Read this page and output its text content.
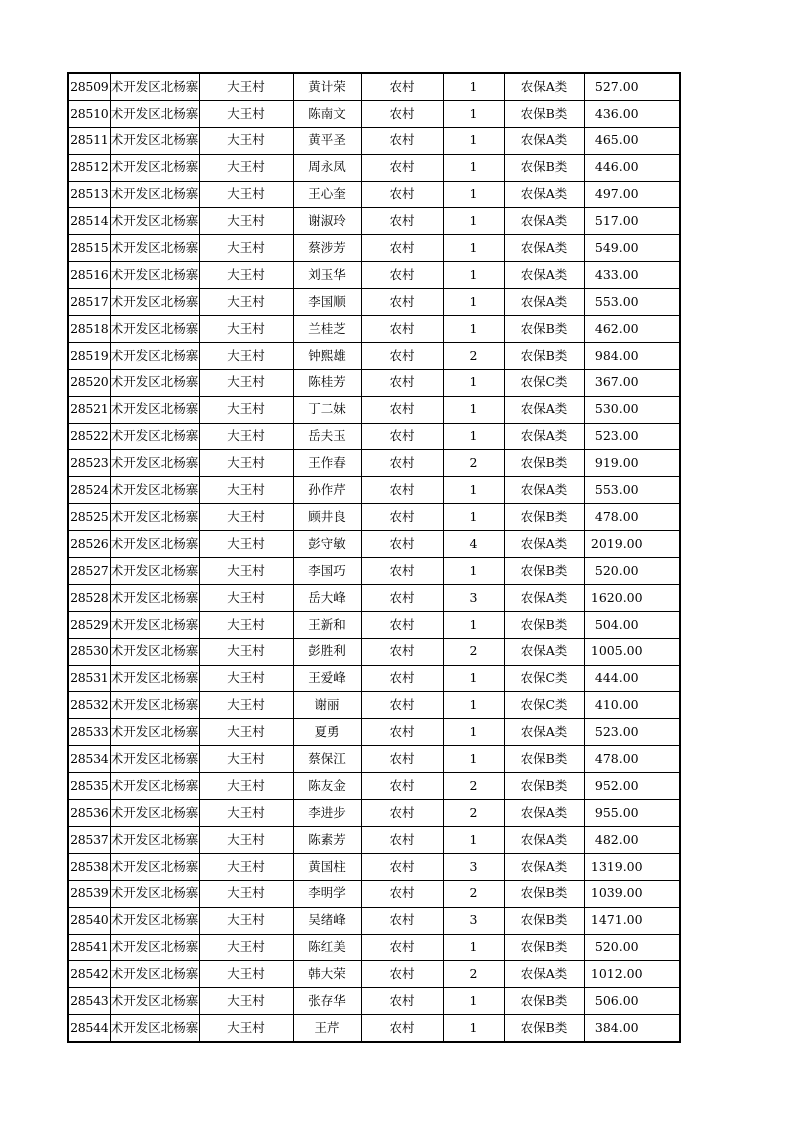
28509	术开发区北杨寨	大王村	黄计荣	农村	1	农保A类	527.00
28510	术开发区北杨寨	大王村	陈南文	农村	1	农保B类	436.00
28511	术开发区北杨寨	大王村	黄平圣	农村	1	农保A类	465.00
28512	术开发区北杨寨	大王村	周永凤	农村	1	农保B类	446.00
28513	术开发区北杨寨	大王村	王心奎	农村	1	农保A类	497.00
28514	术开发区北杨寨	大王村	谢淑玲	农村	1	农保A类	517.00
28515	术开发区北杨寨	大王村	蔡涉芳	农村	1	农保A类	549.00
28516	术开发区北杨寨	大王村	刘玉华	农村	1	农保A类	433.00
28517	术开发区北杨寨	大王村	李国顺	农村	1	农保A类	553.00
28518	术开发区北杨寨	大王村	兰桂芝	农村	1	农保B类	462.00
28519	术开发区北杨寨	大王村	钟熙雄	农村	2	农保B类	984.00
28520	术开发区北杨寨	大王村	陈桂芳	农村	1	农保C类	367.00
28521	术开发区北杨寨	大王村	丁二妹	农村	1	农保A类	530.00
28522	术开发区北杨寨	大王村	岳夫玉	农村	1	农保A类	523.00
28523	术开发区北杨寨	大王村	王作春	农村	2	农保B类	919.00
28524	术开发区北杨寨	大王村	孙作芹	农村	1	农保A类	553.00
28525	术开发区北杨寨	大王村	顾井良	农村	1	农保B类	478.00
28526	术开发区北杨寨	大王村	彭守敏	农村	4	农保A类	2019.00
28527	术开发区北杨寨	大王村	李国巧	农村	1	农保B类	520.00
28528	术开发区北杨寨	大王村	岳大峰	农村	3	农保A类	1620.00
28529	术开发区北杨寨	大王村	王新和	农村	1	农保B类	504.00
28530	术开发区北杨寨	大王村	彭胜利	农村	2	农保A类	1005.00
28531	术开发区北杨寨	大王村	王爱峰	农村	1	农保C类	444.00
28532	术开发区北杨寨	大王村	谢丽	农村	1	农保C类	410.00
28533	术开发区北杨寨	大王村	夏勇	农村	1	农保A类	523.00
28534	术开发区北杨寨	大王村	蔡保江	农村	1	农保B类	478.00
28535	术开发区北杨寨	大王村	陈友金	农村	2	农保B类	952.00
28536	术开发区北杨寨	大王村	李进步	农村	2	农保A类	955.00
28537	术开发区北杨寨	大王村	陈素芳	农村	1	农保A类	482.00
28538	术开发区北杨寨	大王村	黄国柱	农村	3	农保A类	1319.00
28539	术开发区北杨寨	大王村	李明学	农村	2	农保B类	1039.00
28540	术开发区北杨寨	大王村	吴绪峰	农村	3	农保B类	1471.00
28541	术开发区北杨寨	大王村	陈红美	农村	1	农保B类	520.00
28542	术开发区北杨寨	大王村	韩大荣	农村	2	农保A类	1012.00
28543	术开发区北杨寨	大王村	张存华	农村	1	农保B类	506.00
28544	术开发区北杨寨	大王村	王芹	农村	1	农保B类	384.00
